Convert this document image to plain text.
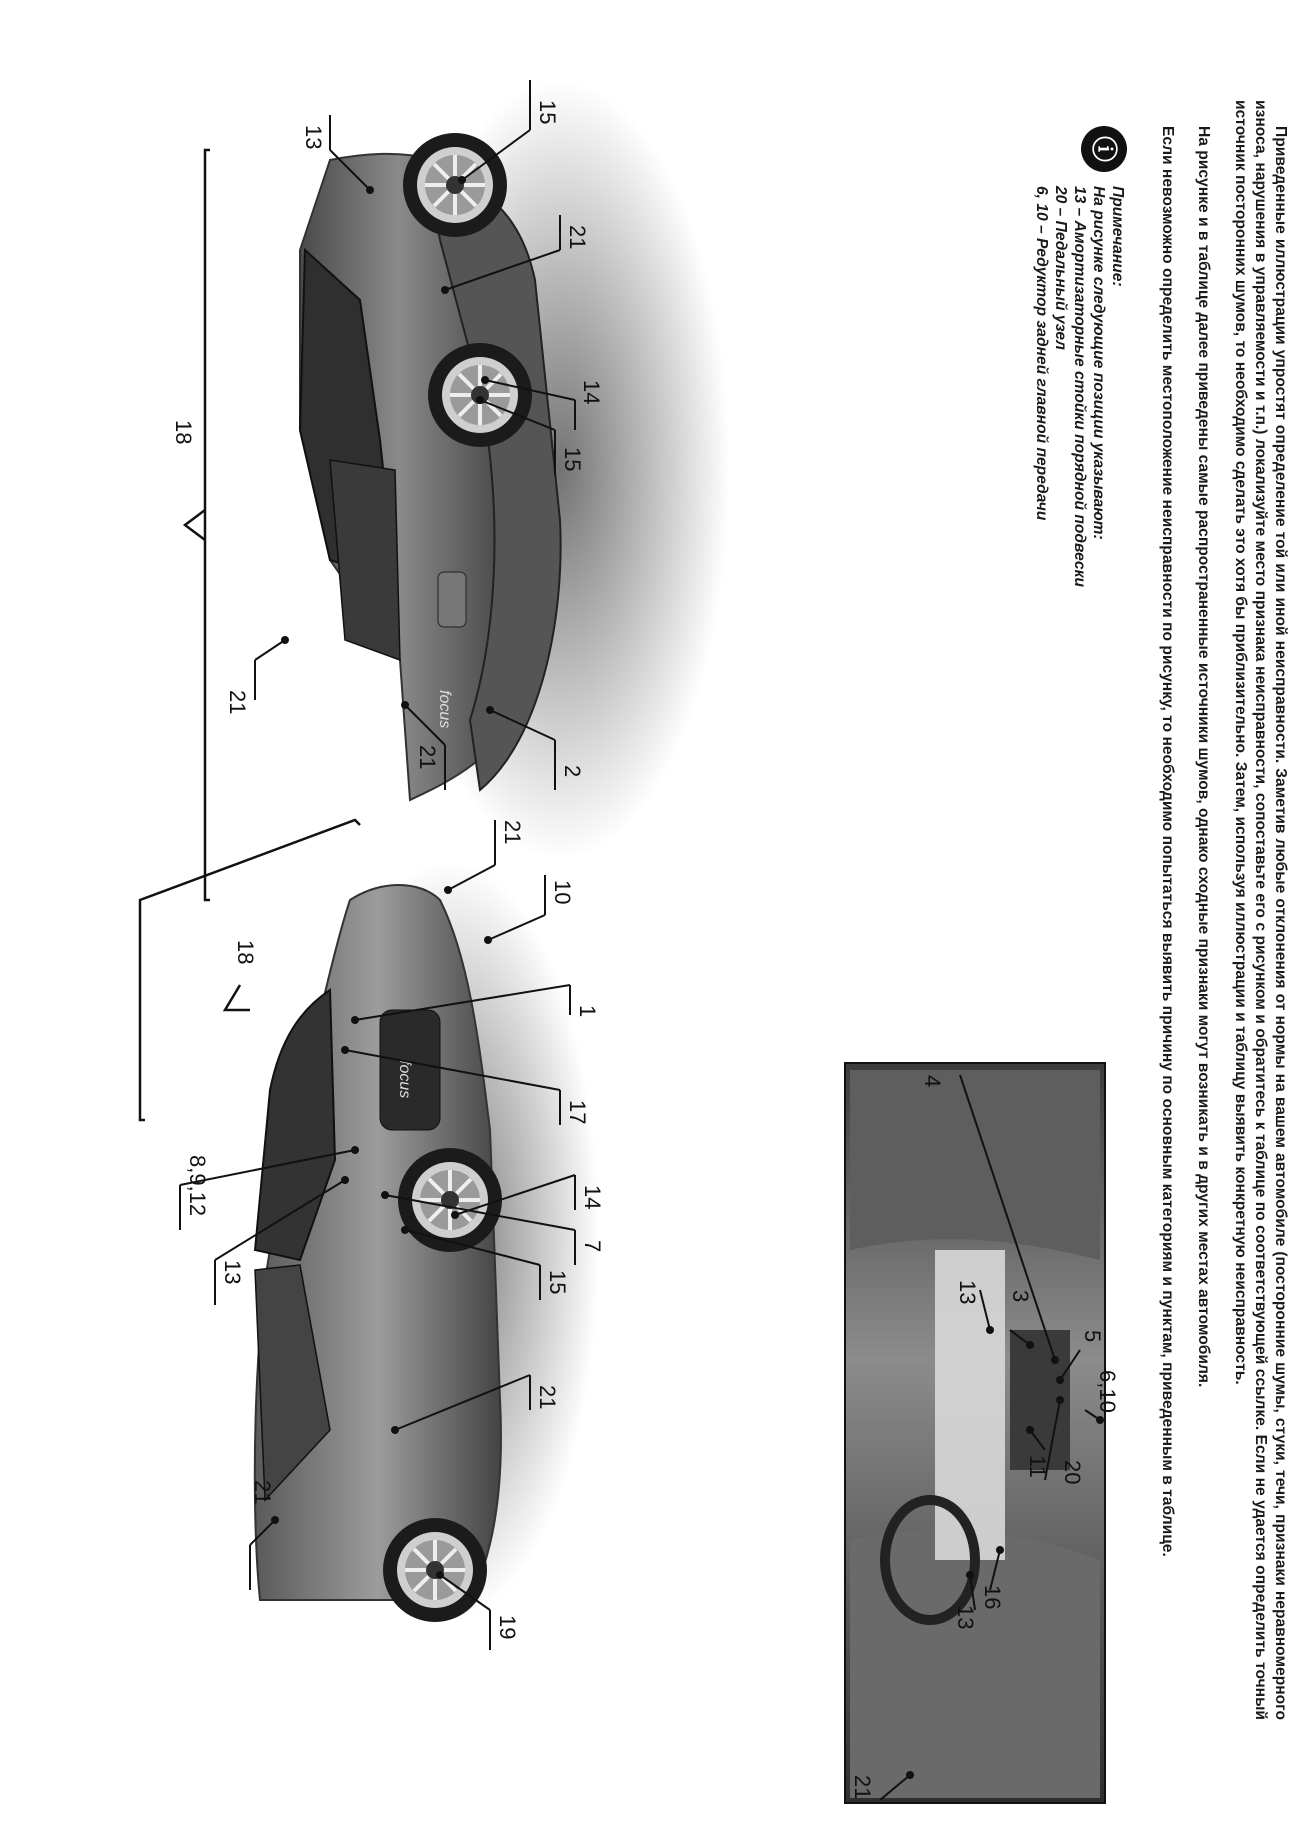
focus
15
13
21
18
15
14
21
21
2
focus
18
21
10
8,9,12
13
21
1
17
14
7
15
21
19
4
13 3
5
6,10
21
13
16
11 20	Приведенные иллюстрации упростят определение той или иной неисправности. Заметив любые отклонения от нормы на вашем автомобиле (посторонние шумы, стуки, течи, признаки неравномерного износа, нарушения в управляемости и т.п.) локализуйте место признака неисправности, сопоставьте его с рисунком и обратитесь к таблице по соответствующей ссылке. Если не удается определить точный источник посторонних шумов, то необходимо сделать это хотя бы приблизительно. Затем, используя иллюстрации и таблицу выявить конкретную неисправность.

На рисунке и в таблице далее приведены самые распространенные источники шумов, однако сходные признаки могут возникать и в других местах автомобиля.

Если невозможно определить местоположение неисправности по рисунку, то необходимо попытаться выявить причину по основным категориям и пунктам, приведенным в таблице.

ⓘ
Примечание:
На рисунке следующие позиции указывают:
13 – Амортизаторные стойки порядной подвески
20 – Педальный узел
6, 10 – Редуктор задней главной передачи
